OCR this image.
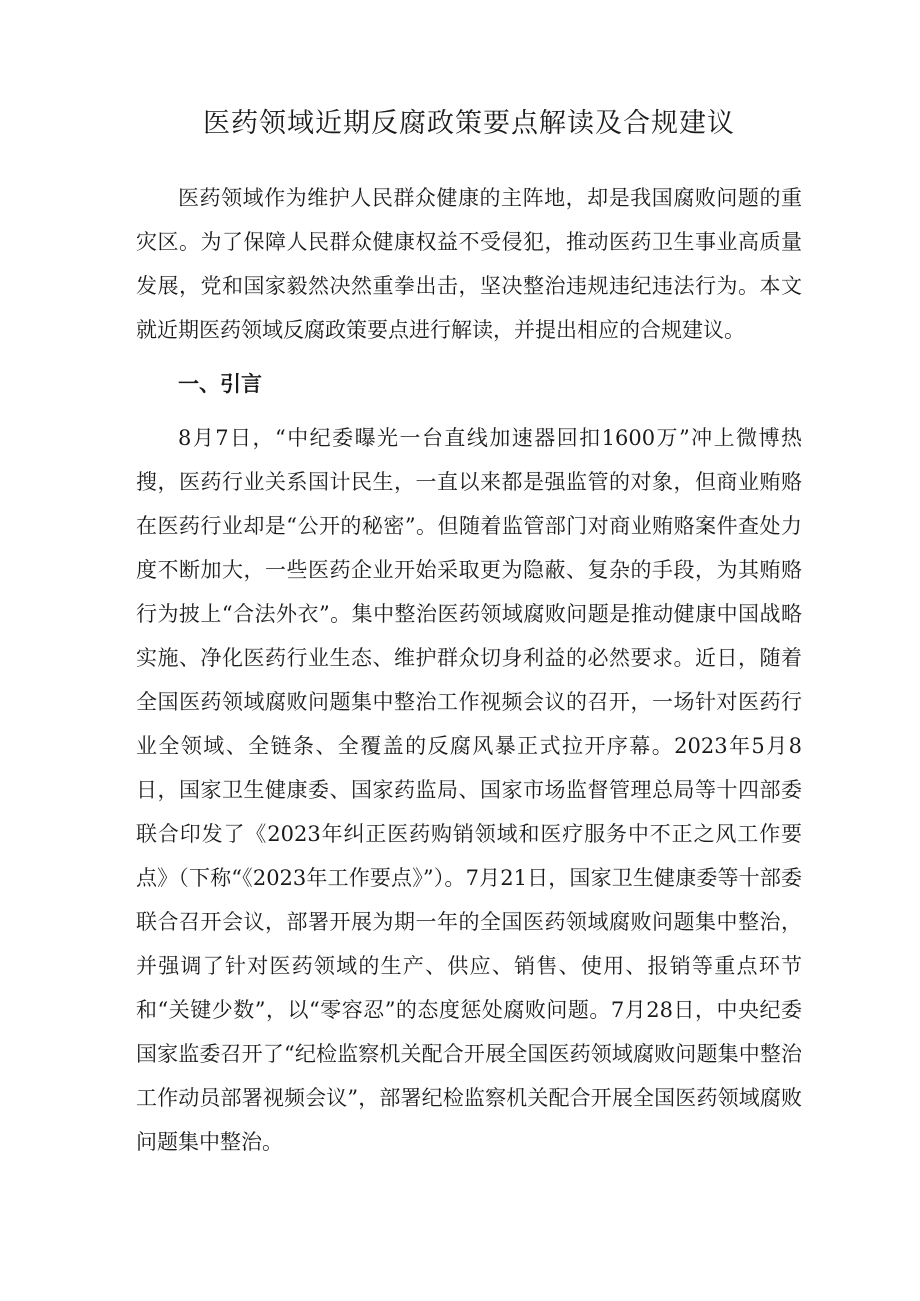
医药领域近期反腐政策要点解读及合规建议

医药领域作为维护人民群众健康的主阵地，却是我国腐败问题的重灾区。为了保障人民群众健康权益不受侵犯，推动医药卫生事业高质量发展，党和国家毅然决然重拳出击，坚决整治违规违纪违法行为。本文就近期医药领域反腐政策要点进行解读，并提出相应的合规建议。

一、引言

8月7日，“中纪委曝光一台直线加速器回扣1600万”冲上微博热搜，医药行业关系国计民生，一直以来都是强监管的对象，但商业贿赂在医药行业却是“公开的秘密”。但随着监管部门对商业贿赂案件查处力度不断加大，一些医药企业开始采取更为隐蔽、复杂的手段，为其贿赂行为披上“合法外衣”。集中整治医药领域腐败问题是推动健康中国战略实施、净化医药行业生态、维护群众切身利益的必然要求。近日，随着全国医药领域腐败问题集中整治工作视频会议的召开，一场针对医药行业全领域、全链条、全覆盖的反腐风暴正式拉开序幕。2023年5月8日，国家卫生健康委、国家药监局、国家市场监督管理总局等十四部委联合印发了《2023年纠正医药购销领域和医疗服务中不正之风工作要点》（下称“《2023年工作要点》”）。7月21日，国家卫生健康委等十部委联合召开会议，部署开展为期一年的全国医药领域腐败问题集中整治，并强调了针对医药领域的生产、供应、销售、使用、报销等重点环节和“关键少数”，以“零容忍”的态度惩处腐败问题。7月28日，中央纪委国家监委召开了“纪检监察机关配合开展全国医药领域腐败问题集中整治工作动员部署视频会议”，部署纪检监察机关配合开展全国医药领域腐败问题集中整治。
